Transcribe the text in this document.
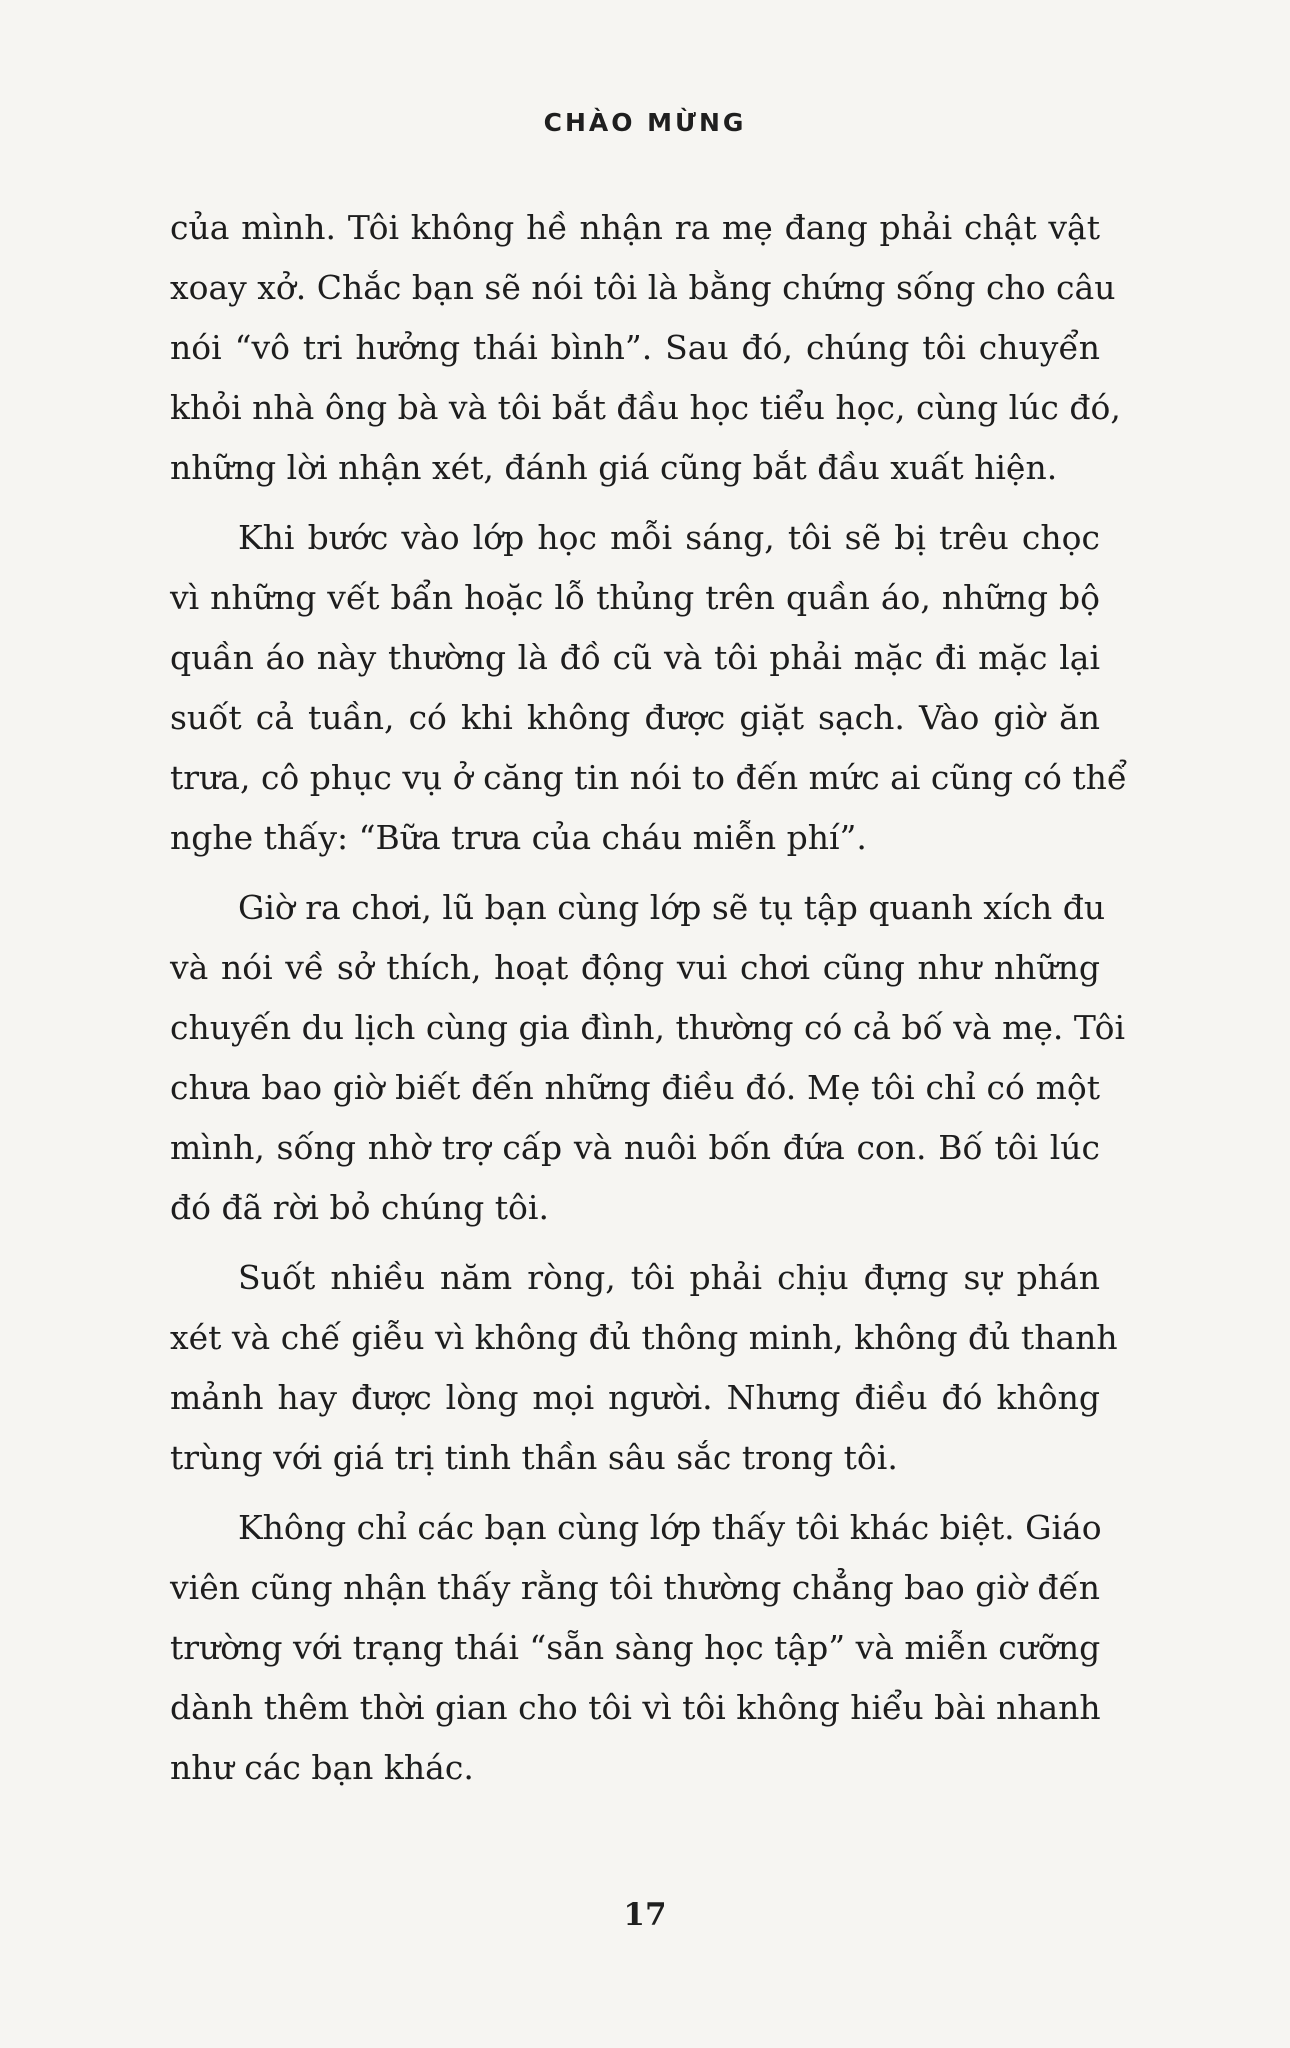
CHÀO MỪNG

của mình. Tôi không hề nhận ra mẹ đang phải chật vật
xoay xở. Chắc bạn sẽ nói tôi là bằng chứng sống cho câu
nói “vô tri hưởng thái bình”. Sau đó, chúng tôi chuyển
khỏi nhà ông bà và tôi bắt đầu học tiểu học, cùng lúc đó,
những lời nhận xét, đánh giá cũng bắt đầu xuất hiện.

Khi bước vào lớp học mỗi sáng, tôi sẽ bị trêu chọc
vì những vết bẩn hoặc lỗ thủng trên quần áo, những bộ
quần áo này thường là đồ cũ và tôi phải mặc đi mặc lại
suốt cả tuần, có khi không được giặt sạch. Vào giờ ăn
trưa, cô phục vụ ở căng tin nói to đến mức ai cũng có thể
nghe thấy: “Bữa trưa của cháu miễn phí”.

Giờ ra chơi, lũ bạn cùng lớp sẽ tụ tập quanh xích đu
và nói về sở thích, hoạt động vui chơi cũng như những
chuyến du lịch cùng gia đình, thường có cả bố và mẹ. Tôi
chưa bao giờ biết đến những điều đó. Mẹ tôi chỉ có một
mình, sống nhờ trợ cấp và nuôi bốn đứa con. Bố tôi lúc
đó đã rời bỏ chúng tôi.

Suốt nhiều năm ròng, tôi phải chịu đựng sự phán
xét và chế giễu vì không đủ thông minh, không đủ thanh
mảnh hay được lòng mọi người. Nhưng điều đó không
trùng với giá trị tinh thần sâu sắc trong tôi.

Không chỉ các bạn cùng lớp thấy tôi khác biệt. Giáo
viên cũng nhận thấy rằng tôi thường chẳng bao giờ đến
trường với trạng thái “sẵn sàng học tập” và miễn cưỡng
dành thêm thời gian cho tôi vì tôi không hiểu bài nhanh
như các bạn khác.

17
